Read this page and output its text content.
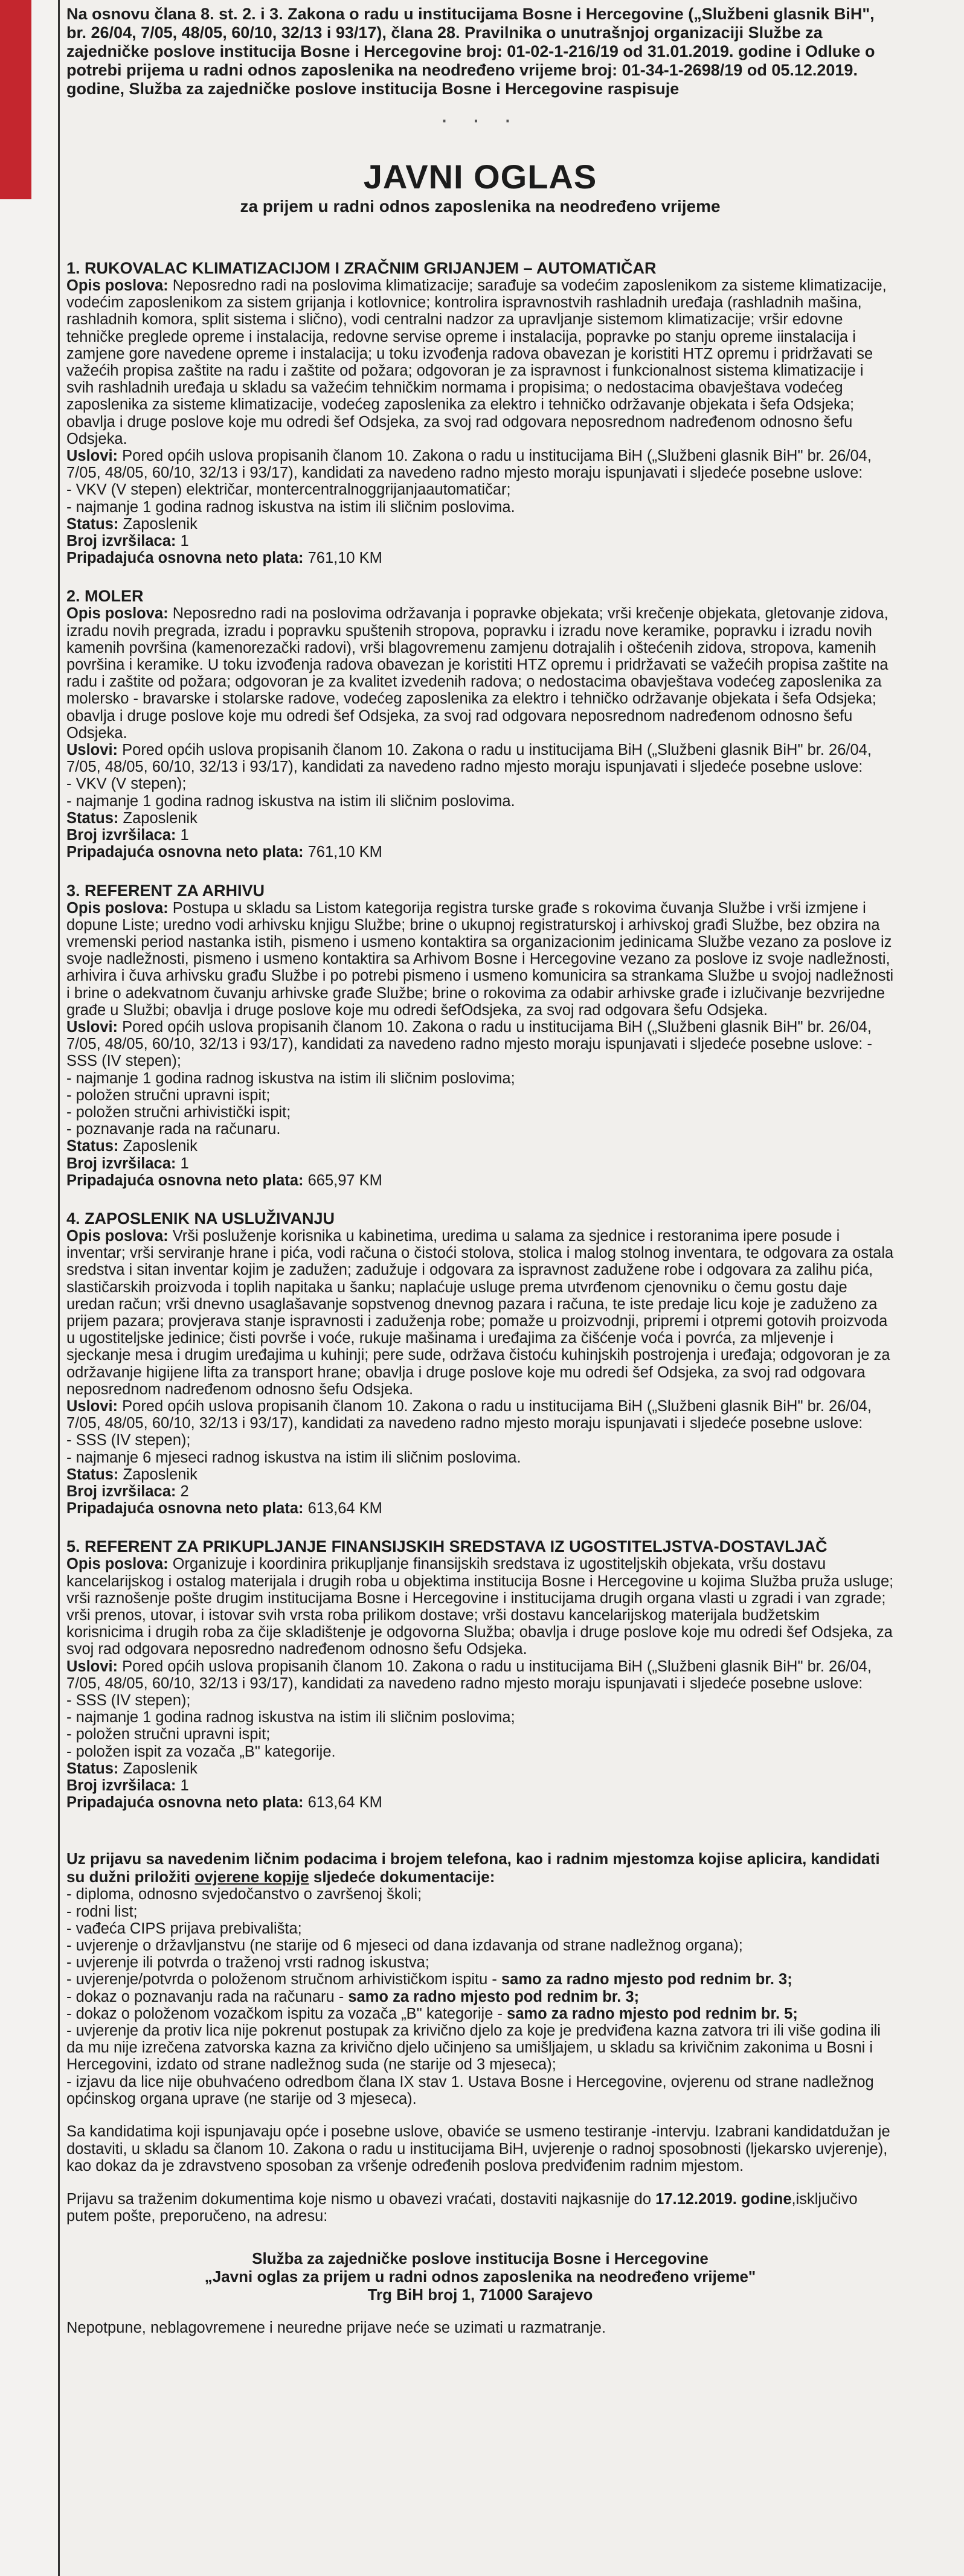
Na osnovu člana 8. st. 2. i 3. Zakona o radu u institucijama Bosne i Hercegovine („Službeni glasnik BiH", br. 26/04, 7/05, 48/05, 60/10, 32/13 i 93/17), člana 28. Pravilnika o unutrašnjoj organizaciji Službe za zajedničke poslove institucija Bosne i Hercegovine broj: 01-02-1-216/19 od 31.01.2019. godine i Odluke o potrebi prijema u radni odnos zaposlenika na neodređeno vrijeme broj: 01-34-1-2698/19 od 05.12.2019. godine, Služba za zajedničke poslove institucija Bosne i Hercegovine raspisuje

· · ·
JAVNI OGLAS

za prijem u radni odnos zaposlenika na neodređeno vrijeme

1. RUKOVALAC KLIMATIZACIJOM I ZRAČNIM GRIJANJEM – AUTOMATIČAR

Opis poslova: Neposredno radi na poslovima klimatizacije; sarađuje sa vodećim zaposlenikom za sisteme klimatizacije, vodećim zaposlenikom za sistem grijanja i kotlovnice; kontrolira ispravnostvih rashladnih uređaja (rashladnih mašina, rashladnih komora, split sistema i slično), vodi centralni nadzor za upravljanje sistemom klimatizacije; vršir edovne tehničke preglede opreme i instalacija, redovne servise opreme i instalacija, popravke po stanju opreme iinstalacija i zamjene gore navedene opreme i instalacija; u toku izvođenja radova obavezan je koristiti HTZ opremu i pridržavati se važećih propisa zaštite na radu i zaštite od požara; odgovoran je za ispravnost i funkcionalnost sistema klimatizacije i svih rashladnih uređaja u skladu sa važećim tehničkim normama i propisima; o nedostacima obavještava vodećeg zaposlenika za sisteme klimatizacije, vodećeg zaposlenika za elektro i tehničko održavanje objekata i šefa Odsjeka; obavlja i druge poslove koje mu odredi šef Odsjeka, za svoj rad odgovara neposrednom nadređenom odnosno šefu Odsjeka.

Uslovi: Pored općih uslova propisanih članom 10. Zakona o radu u institucijama BiH („Službeni glasnik BiH" br. 26/04, 7/05, 48/05, 60/10, 32/13 i 93/17), kandidati za navedeno radno mjesto moraju ispunjavati i sljedeće posebne uslove:

- VKV (V stepen) električar, montercentralnoggrijanjaautomatičar;

- najmanje 1 godina radnog iskustva na istim ili sličnim poslovima.

Status: Zaposlenik

Broj izvršilaca: 1

Pripadajuća osnovna neto plata: 761,10 KM

2. MOLER

Opis poslova: Neposredno radi na poslovima održavanja i popravke objekata; vrši krečenje objekata, gletovanje zidova, izradu novih pregrada, izradu i popravku spuštenih stropova, popravku i izradu nove keramike, popravku i izradu novih kamenih površina (kamenorezački radovi), vrši blagovremenu zamjenu dotrajalih i oštećenih zidova, stropova, kamenih površina i keramike. U toku izvođenja radova obavezan je koristiti HTZ opremu i pridržavati se važećih propisa zaštite na radu i zaštite od požara; odgovoran je za kvalitet izvedenih radova; o nedostacima obavještava vodećeg zaposlenika za molersko - bravarske i stolarske radove, vodećeg zaposlenika za elektro i tehničko održavanje objekata i šefa Odsjeka; obavlja i druge poslove koje mu odredi šef Odsjeka, za svoj rad odgovara neposrednom nadređenom odnosno šefu Odsjeka.

Uslovi: Pored općih uslova propisanih članom 10. Zakona o radu u institucijama BiH („Službeni glasnik BiH" br. 26/04, 7/05, 48/05, 60/10, 32/13 i 93/17), kandidati za navedeno radno mjesto moraju ispunjavati i sljedeće posebne uslove:

- VKV (V stepen);

- najmanje 1 godina radnog iskustva na istim ili sličnim poslovima.

Status: Zaposlenik

Broj izvršilaca: 1

Pripadajuća osnovna neto plata: 761,10 KM

3. REFERENT ZA ARHIVU

Opis poslova: Postupa u skladu sa Listom kategorija registra turske građe s rokovima čuvanja Službe i vrši izmjene i dopune Liste; uredno vodi arhivsku knjigu Službe; brine o ukupnoj registraturskoj i arhivskoj građi Službe, bez obzira na vremenski period nastanka istih, pismeno i usmeno kontaktira sa organizacionim jedinicama Službe vezano za poslove iz svoje nadležnosti, pismeno i usmeno kontaktira sa Arhivom Bosne i Hercegovine vezano za poslove iz svoje nadležnosti, arhivira i čuva arhivsku građu Službe i po potrebi pismeno i usmeno komunicira sa strankama Službe u svojoj nadležnosti i brine o adekvatnom čuvanju arhivske građe Službe; brine o rokovima za odabir arhivske građe i izlučivanje bezvrijedne građe u Službi; obavlja i druge poslove koje mu odredi šefOdsjeka, za svoj rad odgovara šefu Odsjeka.

Uslovi: Pored općih uslova propisanih članom 10. Zakona o radu u institucijama BiH („Službeni glasnik BiH" br. 26/04, 7/05, 48/05, 60/10, 32/13 i 93/17), kandidati za navedeno radno mjesto moraju ispunjavati i sljedeće posebne uslove: - SSS (IV stepen);

- najmanje 1 godina radnog iskustva na istim ili sličnim poslovima;

- položen stručni upravni ispit;

- položen stručni arhivistički ispit;

- poznavanje rada na računaru.

Status: Zaposlenik

Broj izvršilaca: 1

Pripadajuća osnovna neto plata: 665,97 KM

4. ZAPOSLENIK NA USLUŽIVANJU

Opis poslova: Vrši posluženje korisnika u kabinetima, uredima u salama za sjednice i restoranima ipere posude i inventar; vrši serviranje hrane i pića, vodi računa o čistoći stolova, stolica i malog stolnog inventara, te odgovara za ostala sredstva i sitan inventar kojim je zadužen; zadužuje i odgovara za ispravnost zadužene robe i odgovara za zalihu pića, slastičarskih proizvoda i toplih napitaka u šanku; naplaćuje usluge prema utvrđenom cjenovniku o čemu gostu daje uredan račun; vrši dnevno usaglašavanje sopstvenog dnevnog pazara i računa, te iste predaje licu koje je zaduženo za prijem pazara; provjerava stanje ispravnosti i zaduženja robe; pomaže u proizvodnji, pripremi i otpremi gotovih proizvoda u ugostiteljske jedinice; čisti površe i voće, rukuje mašinama i uređajima za čišćenje voća i povrća, za mljevenje i sjeckanje mesa i drugim uređajima u kuhinji; pere sude, održava čistoću kuhinjskih postrojenja i uređaja; odgovoran je za održavanje higijene lifta za transport hrane; obavlja i druge poslove koje mu odredi šef Odsjeka, za svoj rad odgovara neposrednom nadređenom odnosno šefu Odsjeka.

Uslovi: Pored općih uslova propisanih članom 10. Zakona o radu u institucijama BiH („Službeni glasnik BiH" br. 26/04, 7/05, 48/05, 60/10, 32/13 i 93/17), kandidati za navedeno radno mjesto moraju ispunjavati i sljedeće posebne uslove:

- SSS (IV stepen);

- najmanje 6 mjeseci radnog iskustva na istim ili sličnim poslovima.

Status: Zaposlenik

Broj izvršilaca: 2

Pripadajuća osnovna neto plata: 613,64 KM

5. REFERENT ZA PRIKUPLJANJE FINANSIJSKIH SREDSTAVA IZ UGOSTITELJSTVA-DOSTAVLJAČ

Opis poslova: Organizuje i koordinira prikupljanje finansijskih sredstava iz ugostiteljskih objekata, vršu dostavu kancelarijskog i ostalog materijala i drugih roba u objektima institucija Bosne i Hercegovine u kojima Služba pruža usluge; vrši raznošenje pošte drugim institucijama Bosne i Hercegovine i institucijama drugih organa vlasti u zgradi i van zgrade; vrši prenos, utovar, i istovar svih vrsta roba prilikom dostave; vrši dostavu kancelarijskog materijala budžetskim korisnicima i drugih roba za čije skladištenje je odgovorna Služba; obavlja i druge poslove koje mu odredi šef Odsjeka, za svoj rad odgovara neposredno nadređenom odnosno šefu Odsjeka.

Uslovi: Pored općih uslova propisanih članom 10. Zakona o radu u institucijama BiH („Službeni glasnik BiH" br. 26/04, 7/05, 48/05, 60/10, 32/13 i 93/17), kandidati za navedeno radno mjesto moraju ispunjavati i sljedeće posebne uslove:

- SSS (IV stepen);

- najmanje 1 godina radnog iskustva na istim ili sličnim poslovima;

- položen stručni upravni ispit;

- položen ispit za vozača „B" kategorije.

Status: Zaposlenik

Broj izvršilaca: 1

Pripadajuća osnovna neto plata: 613,64 KM

Uz prijavu sa navedenim ličnim podacima i brojem telefona, kao i radnim mjestomza kojise aplicira, kandidati su dužni priložiti ovjerene kopije sljedeće dokumentacije:

- diploma, odnosno svjedočanstvo o završenoj školi;

- rodni list;

- vađeća CIPS prijava prebivališta;

- uvjerenje o državljanstvu (ne starije od 6 mjeseci od dana izdavanja od strane nadležnog organa);

- uvjerenje ili potvrda o traženoj vrsti radnog iskustva;

- uvjerenje/potvrda o položenom stručnom arhivističkom ispitu - samo za radno mjesto pod rednim br. 3;

- dokaz o poznavanju rada na računaru - samo za radno mjesto pod rednim br. 3;

- dokaz o položenom vozačkom ispitu za vozača „B" kategorije - samo za radno mjesto pod rednim br. 5;

- uvjerenje da protiv lica nije pokrenut postupak za krivično djelo za koje je predviđena kazna zatvora tri ili više godina ili da mu nije izrečena zatvorska kazna za krivično djelo učinjeno sa umišljajem, u skladu sa krivičnim zakonima u Bosni i Hercegovini, izdato od strane nadležnog suda (ne starije od 3 mjeseca);

- izjavu da lice nije obuhvaćeno odredbom člana IX stav 1. Ustava Bosne i Hercegovine, ovjerenu od strane nadležnog općinskog organa uprave (ne starije od 3 mjeseca).

Sa kandidatima koji ispunjavaju opće i posebne uslove, obaviće se usmeno testiranje -intervju. Izabrani kandidatdužan je dostaviti, u skladu sa članom 10. Zakona o radu u institucijama BiH, uvjerenje o radnoj sposobnosti (ljekarsko uvjerenje), kao dokaz da je zdravstveno sposoban za vršenje određenih poslova predviđenim radnim mjestom.

Prijavu sa traženim dokumentima koje nismo u obavezi vraćati, dostaviti najkasnije do 17.12.2019. godine,isključivo putem pošte, preporučeno, na adresu:

Služba za zajedničke poslove institucija Bosne i Hercegovine
„Javni oglas za prijem u radni odnos zaposlenika na neodređeno vrijeme"
Trg BiH broj 1, 71000 Sarajevo

Nepotpune, neblagovremene i neuredne prijave neće se uzimati u razmatranje.
